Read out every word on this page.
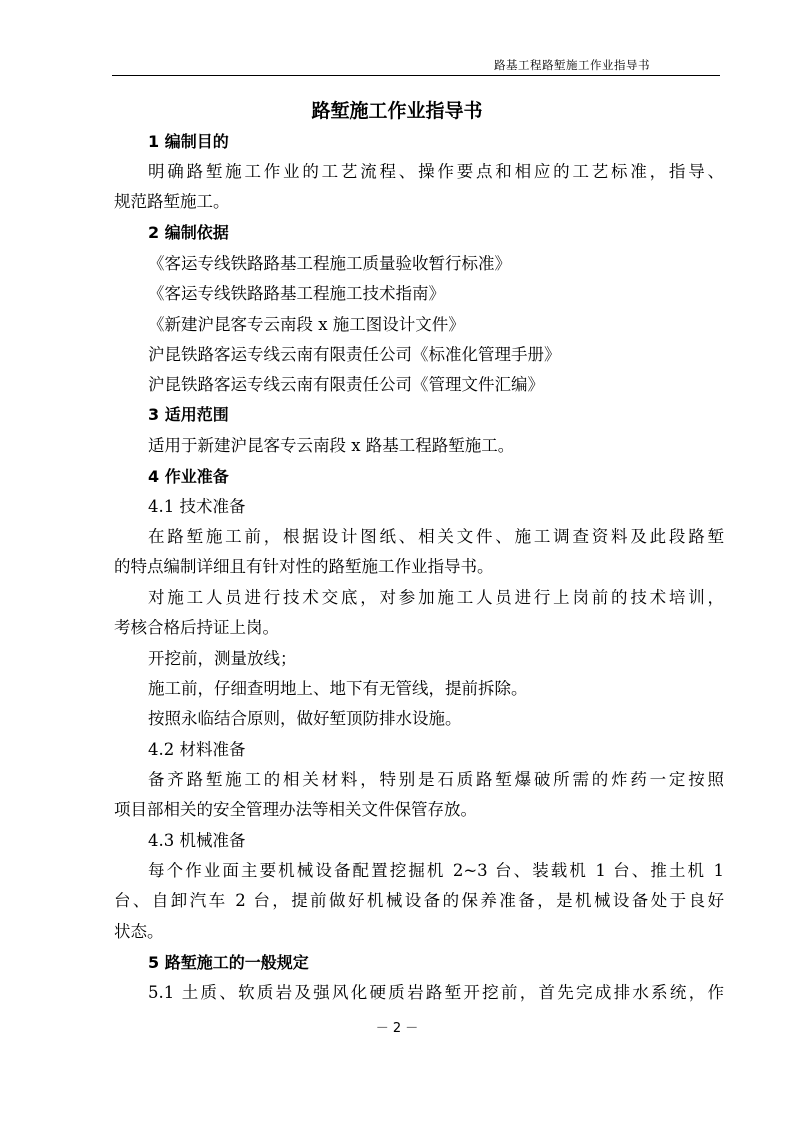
路基工程路堑施工作业指导书
路堑施工作业指导书
1 编制目的
明确路堑施工作业的工艺流程、操作要点和相应的工艺标准，指导、
规范路堑施工。
2 编制依据
《客运专线铁路路基工程施工质量验收暂行标准》
《客运专线铁路路基工程施工技术指南》
《新建沪昆客专云南段 x 施工图设计文件》
沪昆铁路客运专线云南有限责任公司《标准化管理手册》
沪昆铁路客运专线云南有限责任公司《管理文件汇编》
3 适用范围
适用于新建沪昆客专云南段 x 路基工程路堑施工。
4 作业准备
4.1 技术准备
在路堑施工前，根据设计图纸、相关文件、施工调查资料及此段路堑
的特点编制详细且有针对性的路堑施工作业指导书。
对施工人员进行技术交底，对参加施工人员进行上岗前的技术培训，
考核合格后持证上岗。
开挖前，测量放线；
施工前，仔细查明地上、地下有无管线，提前拆除。
按照永临结合原则，做好堑顶防排水设施。
4.2 材料准备
备齐路堑施工的相关材料，特别是石质路堑爆破所需的炸药一定按照
项目部相关的安全管理办法等相关文件保管存放。
4.3 机械准备
每个作业面主要机械设备配置挖掘机 2~3 台、装载机 1 台、推土机 1
台、自卸汽车 2 台，提前做好机械设备的保养准备，是机械设备处于良好
状态。
5 路堑施工的一般规定
5.1 土质、软质岩及强风化硬质岩路堑开挖前，首先完成排水系统，作
－ 2 －
